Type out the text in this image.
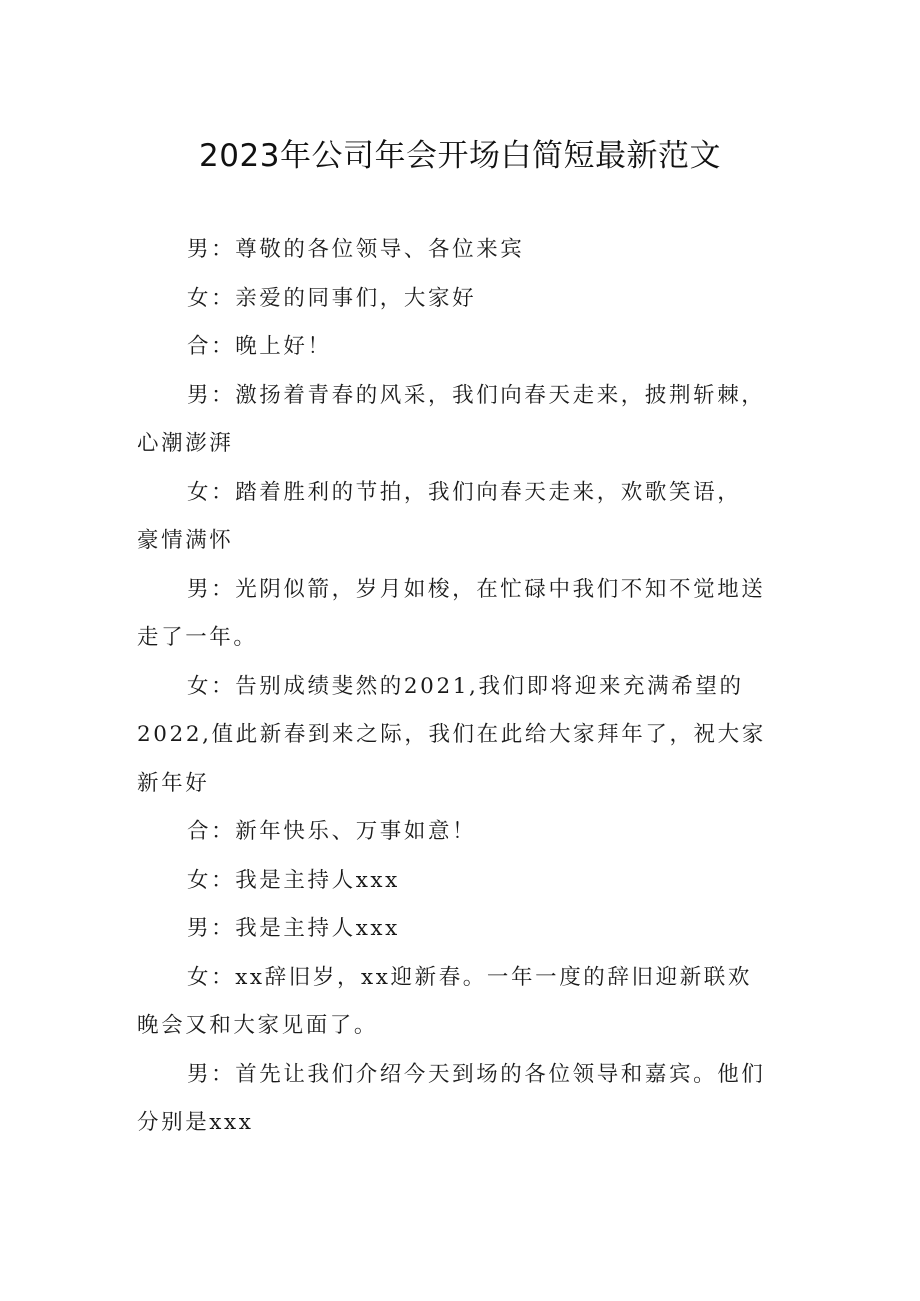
2023年公司年会开场白简短最新范文

男：尊敬的各位领导、各位来宾

女：亲爱的同事们，大家好

合：晚上好！

男：激扬着青春的风采，我们向春天走来，披荆斩棘，心潮澎湃

女：踏着胜利的节拍，我们向春天走来，欢歌笑语，

豪情满怀

男：光阴似箭，岁月如梭，在忙碌中我们不知不觉地送走了一年。

女：告别成绩斐然的2021,我们即将迎来充满希望的

2022,值此新春到来之际，我们在此给大家拜年了，祝大家新年好

合：新年快乐、万事如意！

女：我是主持人xxx

男：我是主持人xxx

女：xx辞旧岁，xx迎新春。一年一度的辞旧迎新联欢晚会又和大家见面了。

男：首先让我们介绍今天到场的各位领导和嘉宾。他们分别是xxx
